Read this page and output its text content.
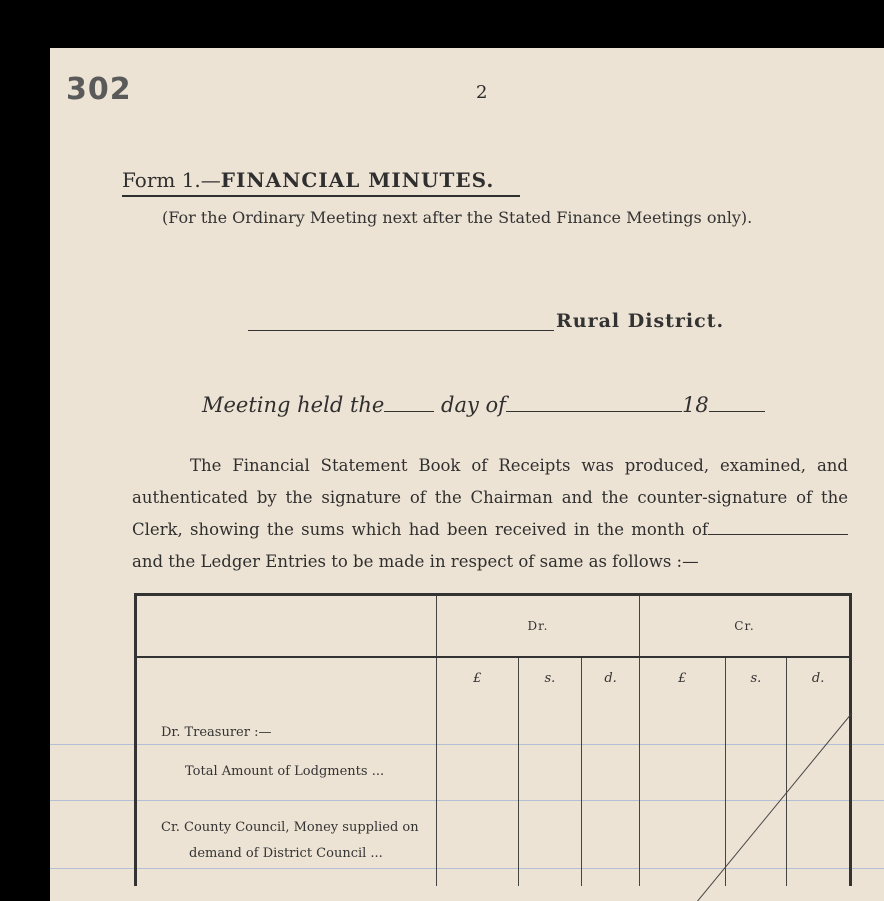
302	2
Form 1.—FINANCIAL MINUTES.
(For the Ordinary Meeting next after the Stated Finance Meetings only).
Rural District.
Meeting held the	day of	18
The Financial Statement Book of Receipts was produced, examined, and authenticated by the signature of the Chairman and the counter-signature of the Clerk, showing the sums which had been received in the month of and the Ledger Entries to be made in respect of same as follows :—
	Dr.			Cr.		
	£	s.	d.	£	s.	d.

Dr. Treasurer :—						

Total Amount of Lodgments ...						

Cr. County Council, Money supplied on						

demand of District Council ...						
